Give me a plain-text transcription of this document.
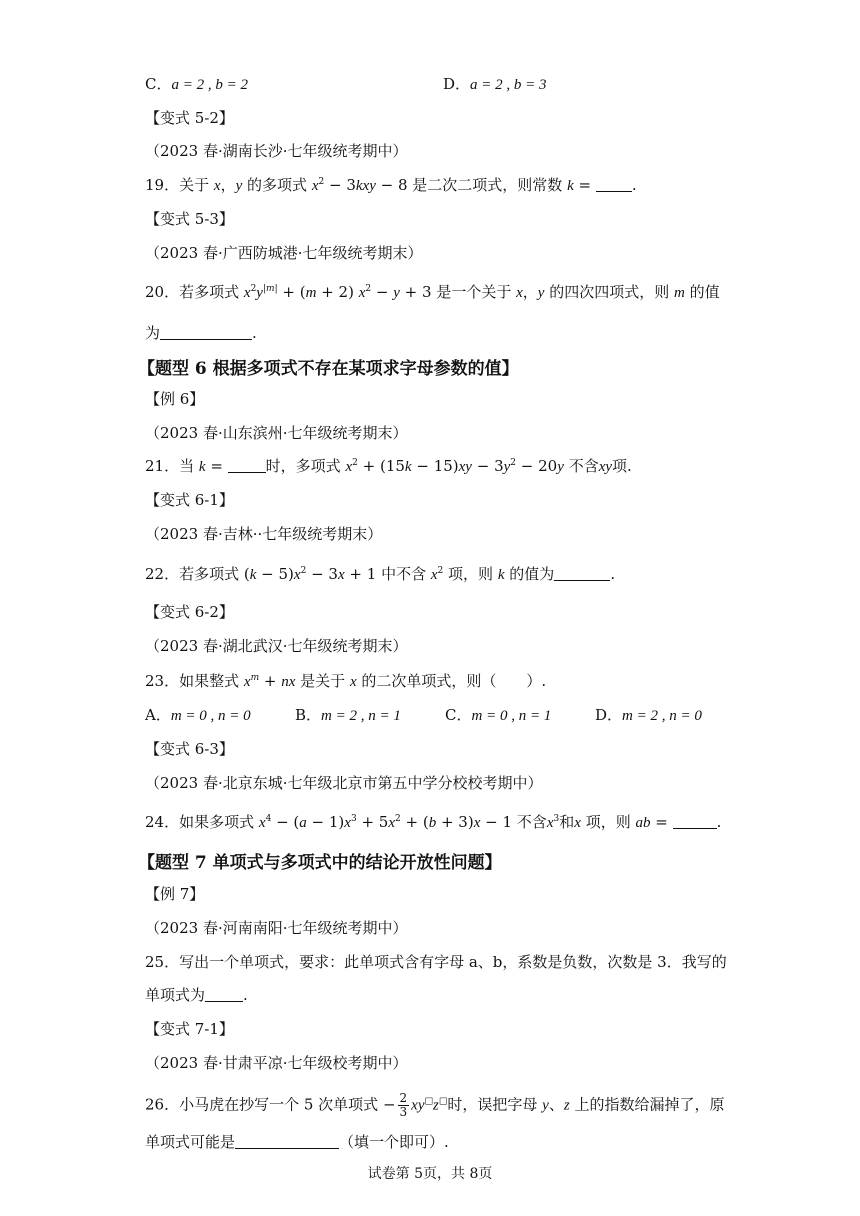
C．a = 2 , b = 2	D．a = 2 , b = 3
【变式 5-2】
（2023 春·湖南长沙·七年级统考期中）
19．关于 x，y 的多项式 $x^2 - 3kxy - 8$ 是二次二项式，则常数 k = .
【变式 5-3】
（2023 春·广西防城港·七年级统考期末）
20．若多项式 $x^2y^{|m|} + (m + 2) x^2 - y + 3$ 是一个关于 x，y 的四次四项式，则 m 的值
为	.
【题型 6 根据多项式不存在某项求字母参数的值】
【例 6】
（2023 春·山东滨州·七年级统考期末）
21．当 k =	时，多项式 $x^2 + (15k - 15)xy - 3y^2 - 20y$ 不含xy项.
【变式 6-1】
（2023 春·吉林··七年级统考期末）
22．若多项式 $(k - 5)x^2 - 3x + 1$ 中不含 $x^2$ 项，则 k 的值为	.
【变式 6-2】
（2023 春·湖北武汉·七年级统考期末）
23．如果整式 $x^m$ + nx 是关于 x 的二次单项式，则（　　）.
A．m = 0 , n = 0	B．m = 2 , n = 1	C．m = 0 , n = 1	D．m = 2 , n = 0
【变式 6-3】
（2023 春·北京东城·七年级北京市第五中学分校校考期中）
24．如果多项式 $x^4 - (a - 1)x^3 + 5x^2 + (b + 3)x - 1$ 不含$x^3$和x 项，则 ab =	.
【题型 7 单项式与多项式中的结论开放性问题】
【例 7】
（2023 春·河南南阳·七年级统考期中）
25．写出一个单项式，要求：此单项式含有字母 a、b，系数是负数，次数是 3．我写的
单项式为	.
【变式 7-1】
（2023 春·甘肃平凉·七年级校考期中）
26．小马虎在抄写一个 5 次单项式 − $\frac{2}{3} xy^□z^□$时，误把字母 y、z 上的指数给漏掉了，原
单项式可能是	（填一个即可）.
试卷第 5页，共 8页
